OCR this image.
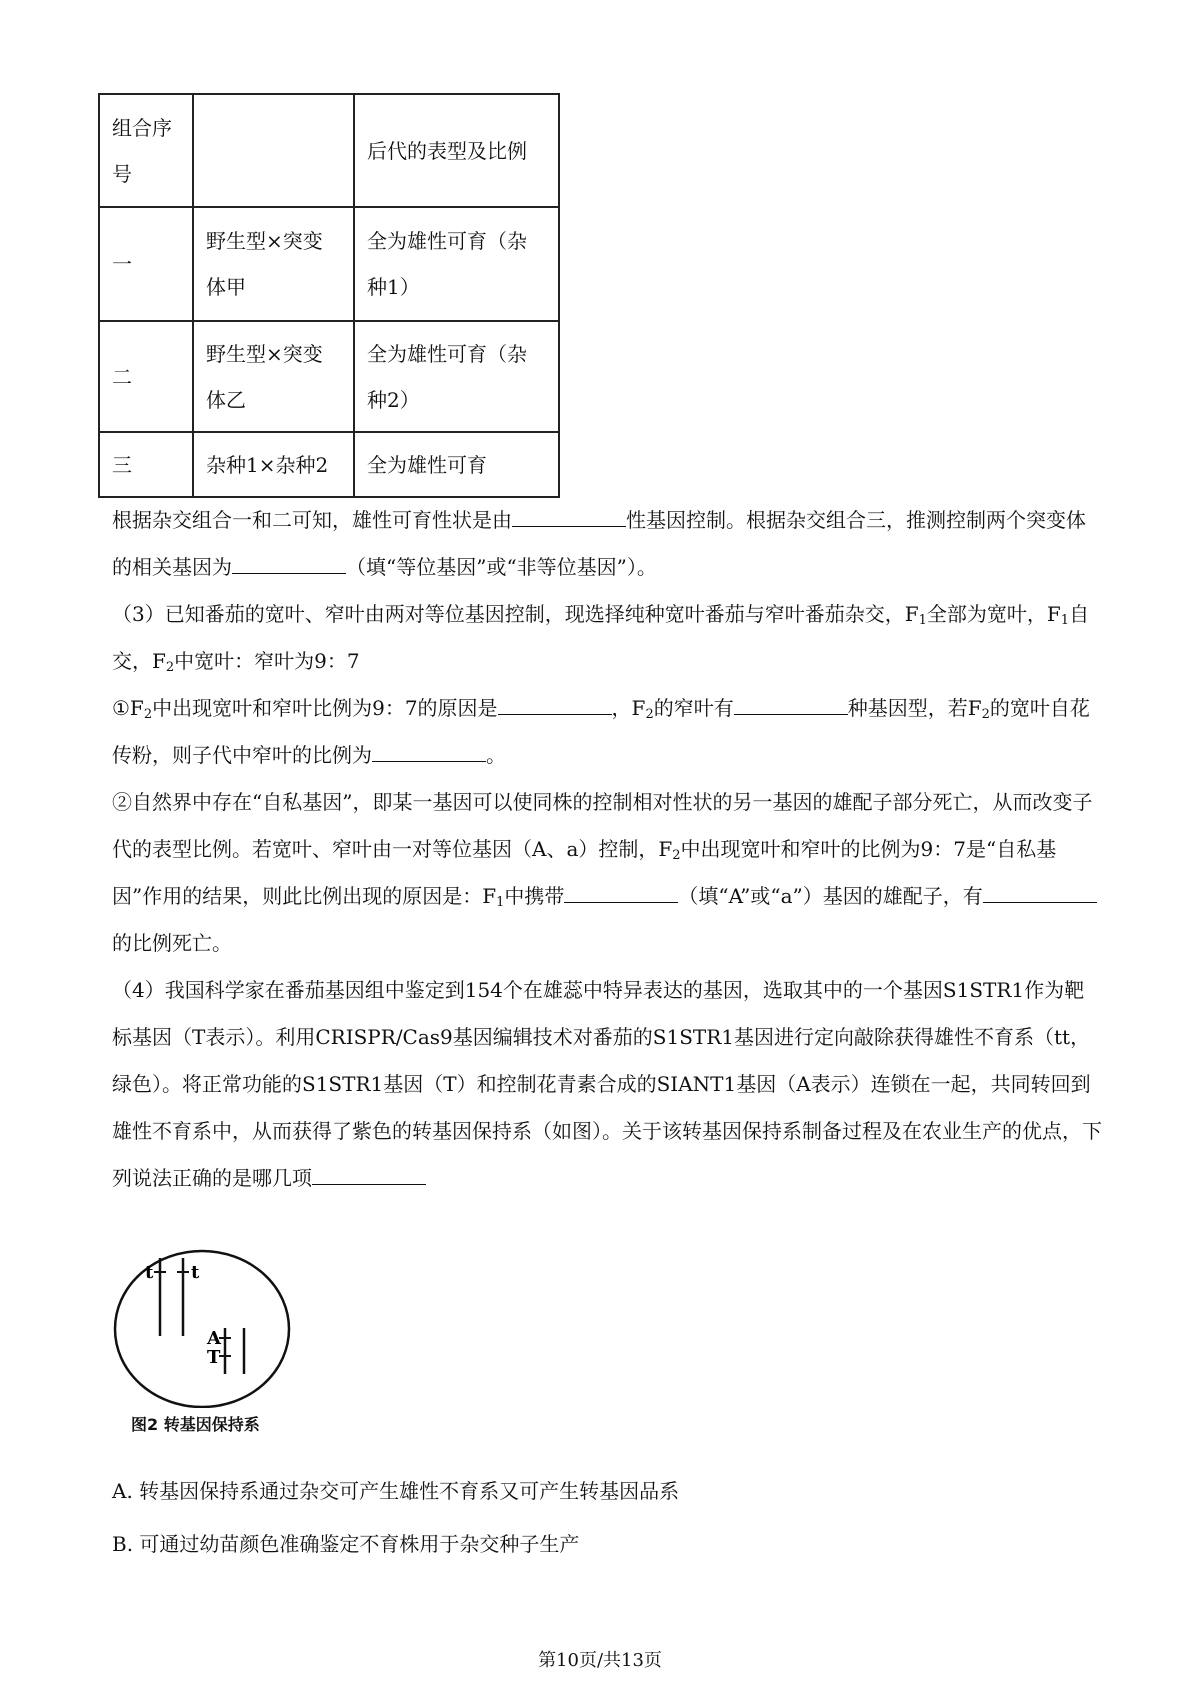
组合序号		后代的表型及比例
一	野生型×突变体甲	全为雄性可育（杂种1）
二	野生型×突变体乙	全为雄性可育（杂种2）
三	杂种1×杂种2	全为雄性可育

根据杂交组合一和二可知，雄性可育性状是由	性基因控制。根据杂交组合三，推测控制两个突变体的相关基因为	（填“等位基因”或“非等位基因”）。

（3）已知番茄的宽叶、窄叶由两对等位基因控制，现选择纯种宽叶番茄与窄叶番茄杂交，$F_1$全部为宽叶，$F_1$自交，$F_2$中宽叶：窄叶为9：7

$①F_2$中出现宽叶和窄叶比例为9：7的原因是	，$F_2$的窄叶有	种基因型，若$F_2$的宽叶自花传粉，则子代中窄叶的比例为	。

②自然界中存在“自私基因”，即某一基因可以使同株的控制相对性状的另一基因的雄配子部分死亡，从而改变子代的表型比例。若宽叶、窄叶由一对等位基因（A、a）控制，$F_2$中出现宽叶和窄叶的比例为9：7是“自私基因”作用的结果，则此比例出现的原因是：$F_1$中携带	（填“A”或“a”）基因的雄配子，有的比例死亡。

（4）我国科学家在番茄基因组中鉴定到154个在雄蕊中特异表达的基因，选取其中的一个基因S1STR1作为靶标基因（T表示）。利用CRISPR/Cas9基因编辑技术对番茄的S1STR1基因进行定向敲除获得雄性不育系（tt，绿色）。将正常功能的S1STR1基因（T）和控制花青素合成的SIANT1基因（A表示）连锁在一起，共同转回到雄性不育系中，从而获得了紫色的转基因保持系（如图）。关于该转基因保持系制备过程及在农业生产的优点，下列说法正确的是哪几项

t t
A
T
图2 转基因保持系
A. 转基因保持系通过杂交可产生雄性不育系又可产生转基因品系
B. 可通过幼苗颜色准确鉴定不育株用于杂交种子生产
第10页/共13页
